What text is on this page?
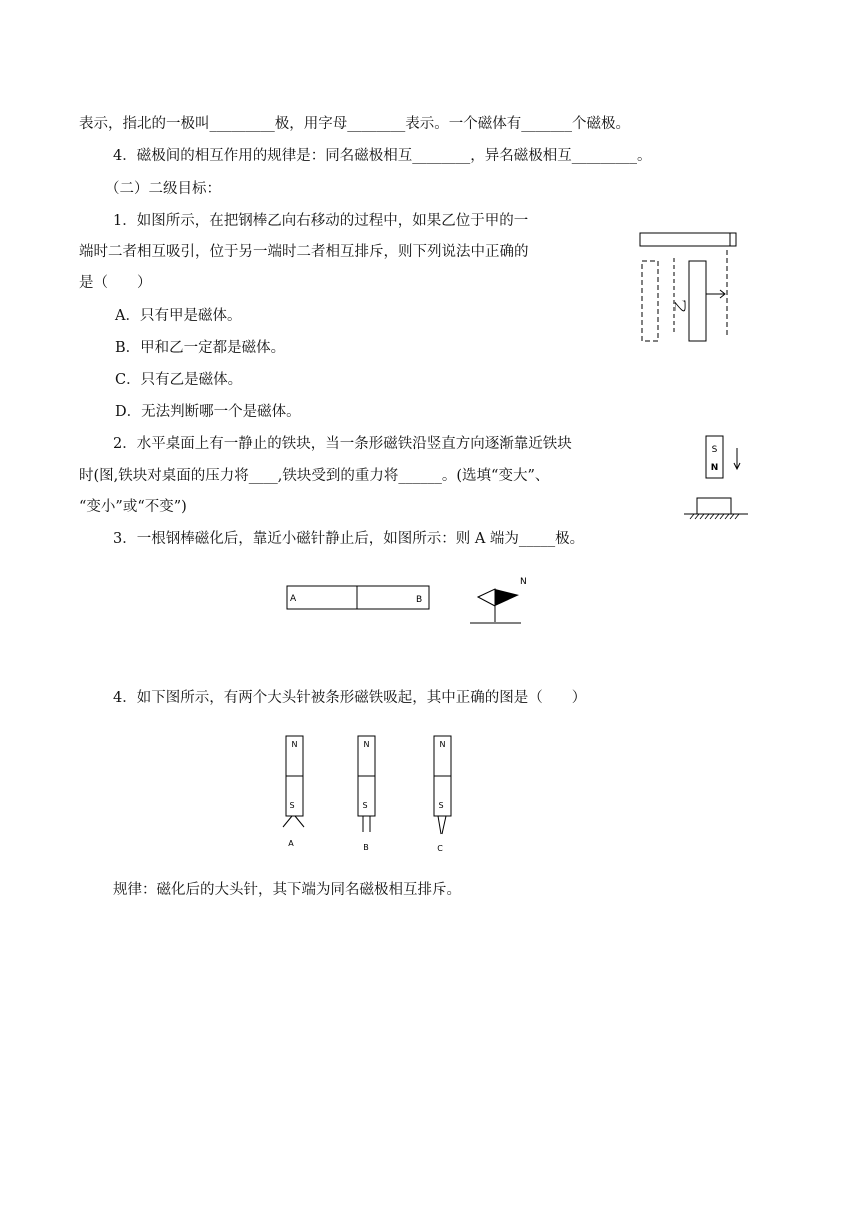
表示，指北的一极叫_________极，用字母________表示。一个磁体有_______个磁极。
4．磁极间的相互作用的规律是：同名磁极相互________，异名磁极相互_________。
（二）二级目标：
1．如图所示，在把钢棒乙向右移动的过程中，如果乙位于甲的一
端时二者相互吸引，位于另一端时二者相互排斥，则下列说法中正确的
是（　　）
A．只有甲是磁体。
B．甲和乙一定都是磁体。
C．只有乙是磁体。
D．无法判断哪一个是磁体。
2．水平桌面上有一静止的铁块，当一条形磁铁沿竖直方向逐渐靠近铁块
时(图,铁块对桌面的压力将____,铁块受到的重力将______。(选填“变大”、
“变小”或“不变”)
3．一根钢棒磁化后，靠近小磁针静止后，如图所示：则 A 端为_____极。
4．如下图所示，有两个大头针被条形磁铁吸起，其中正确的图是（　　）
规律：磁化后的大头针，其下端为同名磁极相互排斥。
乙
S
N
A	B
N
N
S
A
N
S
B
N
S
C
